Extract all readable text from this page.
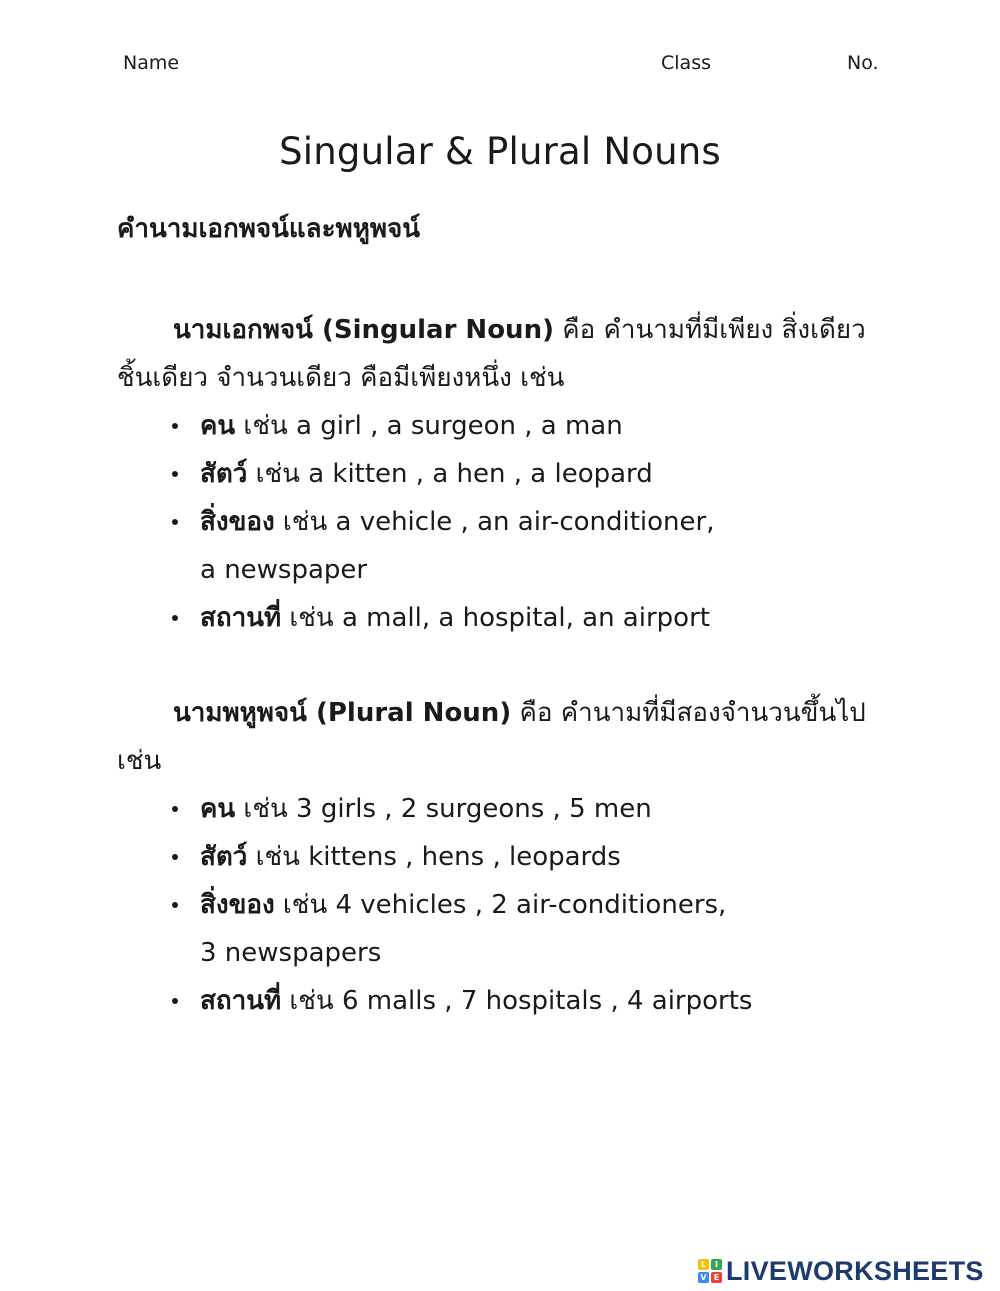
Name	Class	No.
Singular & Plural Nouns
คำนามเอกพจน์และพหูพจน์

นามเอกพจน์ (Singular Noun) คือ คำนามที่มีเพียง สิ่งเดียว ชิ้นเดียว จำนวนเดียว คือมีเพียงหนึ่ง เช่น

คน เช่น a girl , a surgeon , a man
สัตว์ เช่น a kitten , a hen , a leopard
สิ่งของ เช่น a vehicle , an air-conditioner,
a newspaper
สถานที่ เช่น a mall, a hospital, an airport

นามพหูพจน์ (Plural Noun) คือ คำนามที่มีสองจำนวนขึ้นไป เช่น

คน เช่น 3 girls , 2 surgeons , 5 men
สัตว์ เช่น kittens , hens , leopards
สิ่งของ เช่น 4 vehicles , 2 air-conditioners,
3 newspapers
สถานที่ เช่น 6 malls , 7 hospitals , 4 airports
L	I
V E LIVEWORKSHEETS
